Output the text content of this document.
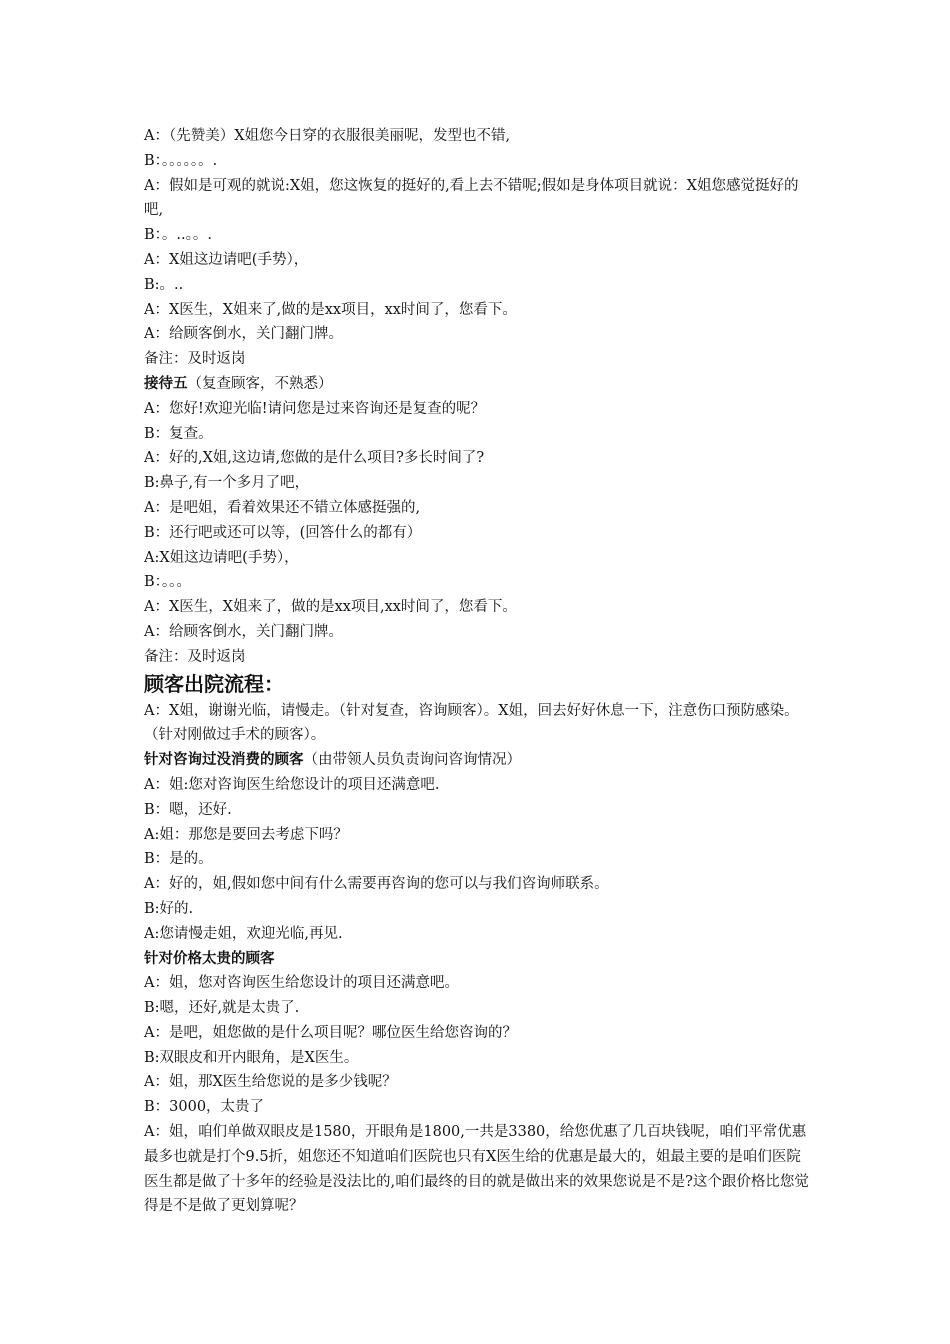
A：（先赞美）X姐您今日穿的衣服很美丽呢，发型也不错,

B：。。。。。。.

A：假如是可观的就说:X姐，您这恢复的挺好的,看上去不错呢;假如是身体项目就说：X姐您感觉挺好的吧,

B：。..。。.

A：X姐这边请吧(手势），

B:。..

A：X医生，X姐来了,做的是xx项目，xx时间了，您看下。

A：给顾客倒水，关门翻门牌。

备注：及时返岗

接待五（复查顾客，不熟悉）

A：您好!欢迎光临!请问您是过来咨询还是复查的呢？

B：复查。

A：好的,X姐,这边请,您做的是什么项目?多长时间了?

B:鼻子,有一个多月了吧，

A：是吧姐，看着效果还不错立体感挺强的,

B：还行吧或还可以等，(回答什么的都有）

A:X姐这边请吧(手势），

B：。。。

A：X医生，X姐来了，做的是xx项目,xx时间了，您看下。

A：给顾客倒水，关门翻门牌。

备注：及时返岗

顾客出院流程：

A：X姐，谢谢光临，请慢走。（针对复查，咨询顾客）。X姐，回去好好休息一下，注意伤口预防感染。（针对刚做过手术的顾客）。

针对咨询过没消费的顾客（由带领人员负责询问咨询情况）

A：姐:您对咨询医生给您设计的项目还满意吧.

B：嗯，还好.

A:姐：那您是要回去考虑下吗？

B：是的。

A：好的，姐,假如您中间有什么需要再咨询的您可以与我们咨询师联系。

B:好的.

A:您请慢走姐，欢迎光临,再见.

针对价格太贵的顾客

A：姐，您对咨询医生给您设计的项目还满意吧。

B:嗯，还好,就是太贵了.

A：是吧，姐您做的是什么项目呢？哪位医生给您咨询的？

B:双眼皮和开内眼角，是X医生。

A：姐，那X医生给您说的是多少钱呢？

B：3000，太贵了

A：姐，咱们单做双眼皮是1580，开眼角是1800,一共是3380，给您优惠了几百块钱呢，咱们平常优惠最多也就是打个9.5折，姐您还不知道咱们医院也只有X医生给的优惠是最大的，姐最主要的是咱们医院医生都是做了十多年的经验是没法比的,咱们最终的目的就是做出来的效果您说是不是?这个跟价格比您觉得是不是做了更划算呢？
